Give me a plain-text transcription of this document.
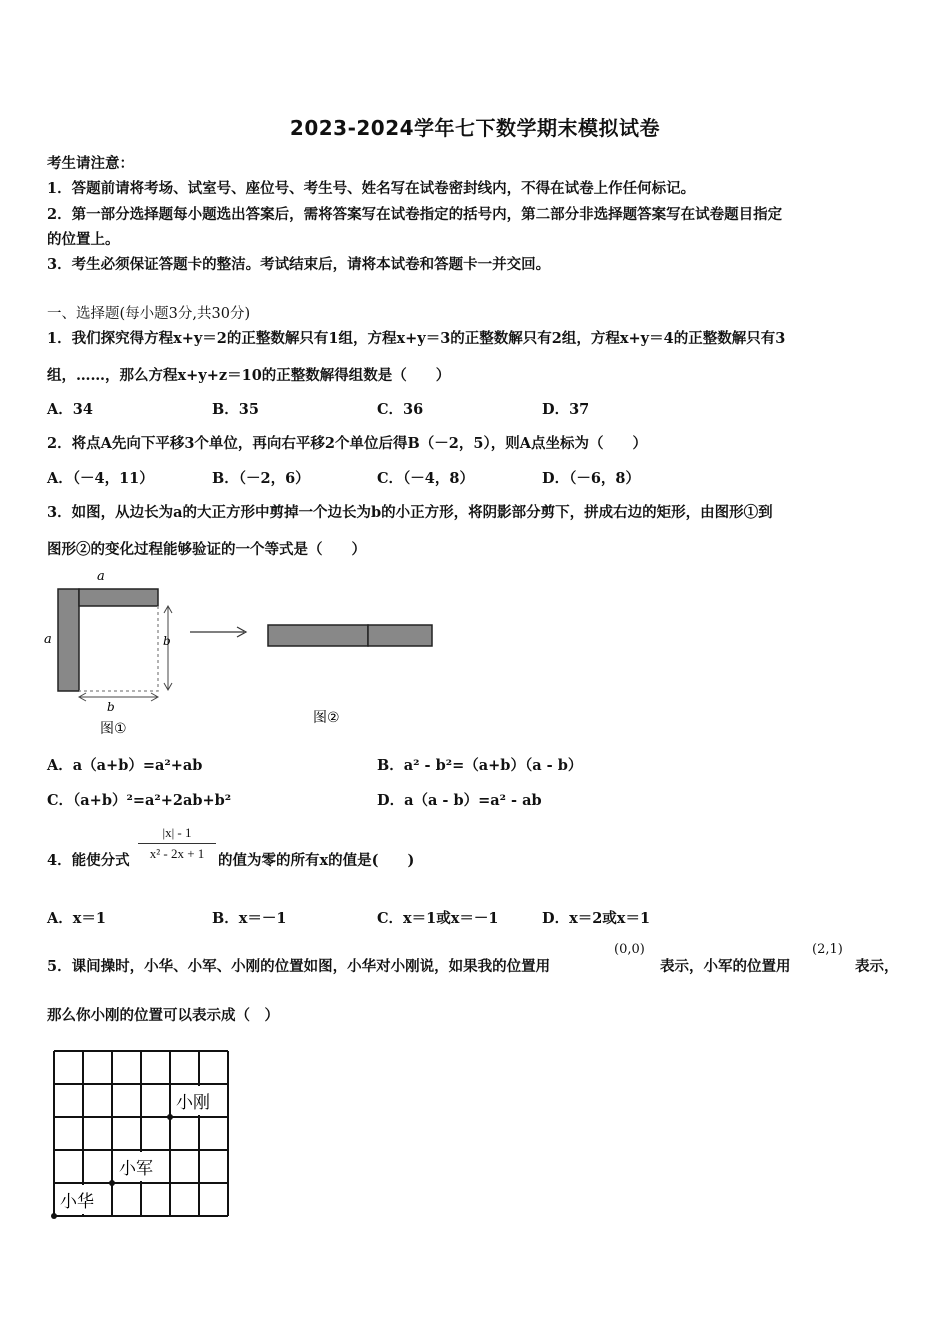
2023-2024学年七下数学期末模拟试卷
考生请注意：
1．答题前请将考场、试室号、座位号、考生号、姓名写在试卷密封线内，不得在试卷上作任何标记。
2．第一部分选择题每小题选出答案后，需将答案写在试卷指定的括号内，第二部分非选择题答案写在试卷题目指定
的位置上。
3．考生必须保证答题卡的整洁。考试结束后，请将本试卷和答题卡一并交回。
一、选择题(每小题3分,共30分)
1．我们探究得方程x+y＝2的正整数解只有1组，方程x+y＝3的正整数解只有2组，方程x+y＝4的正整数解只有3
组，……，那么方程x+y+z＝10的正整数解得组数是（　　）
A．34	B．35	C．36	D．37
2．将点A先向下平移3个单位，再向右平移2个单位后得B（－2，5），则A点坐标为（　　）
A．（－4，11）	B．（－2，6）	C．（－4，8）	D．（－6，8）
3．如图，从边长为a的大正方形中剪掉一个边长为b的小正方形，将阴影部分剪下，拼成右边的矩形，由图形①到
图形②的变化过程能够验证的一个等式是（　　）
a
a	b
b
图①
图②
A．a（a+b）=a²+ab	B．a² - b²=（a+b）（a - b）
C．（a+b）²=a²+2ab+b²	D．a（a - b）=a² - ab
4．能使分式 $\frac{|x| - 1}{\text{x² - 2x + 1}}$ 的值为零的所有x的值是(　　)
A．x＝1	B．x＝－1	C．x＝1或x＝－1	D．x＝2或x＝1
5．课间操时，小华、小军、小刚的位置如图，小华对小刚说，如果我的位置用
(0,0)
表示，小军的位置用
(2,1)
表示，
那么你小刚的位置可以表示成（　）
小刚
小军
小华
